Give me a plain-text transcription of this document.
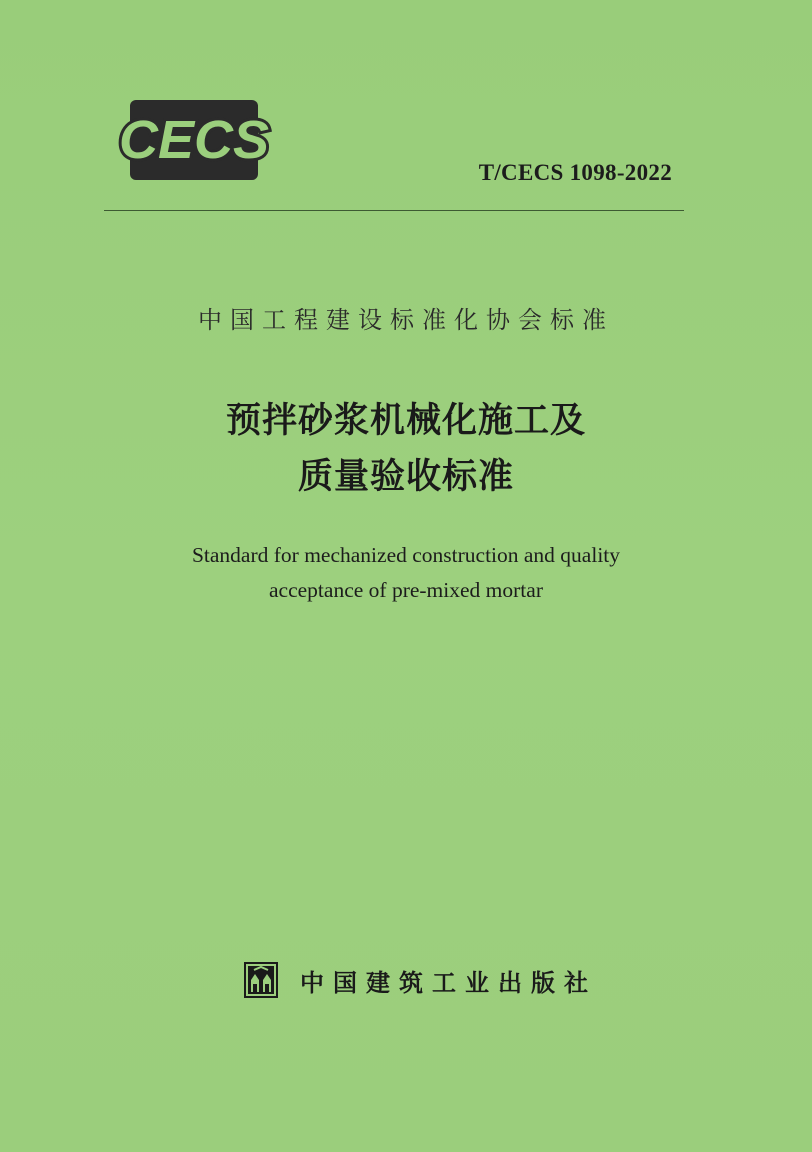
CECS
T/CECS 1098-2022
中国工程建设标准化协会标准
预拌砂浆机械化施工及
质量验收标准
Standard for mechanized construction and quality
acceptance of pre-mixed mortar
中国建筑工业出版社
